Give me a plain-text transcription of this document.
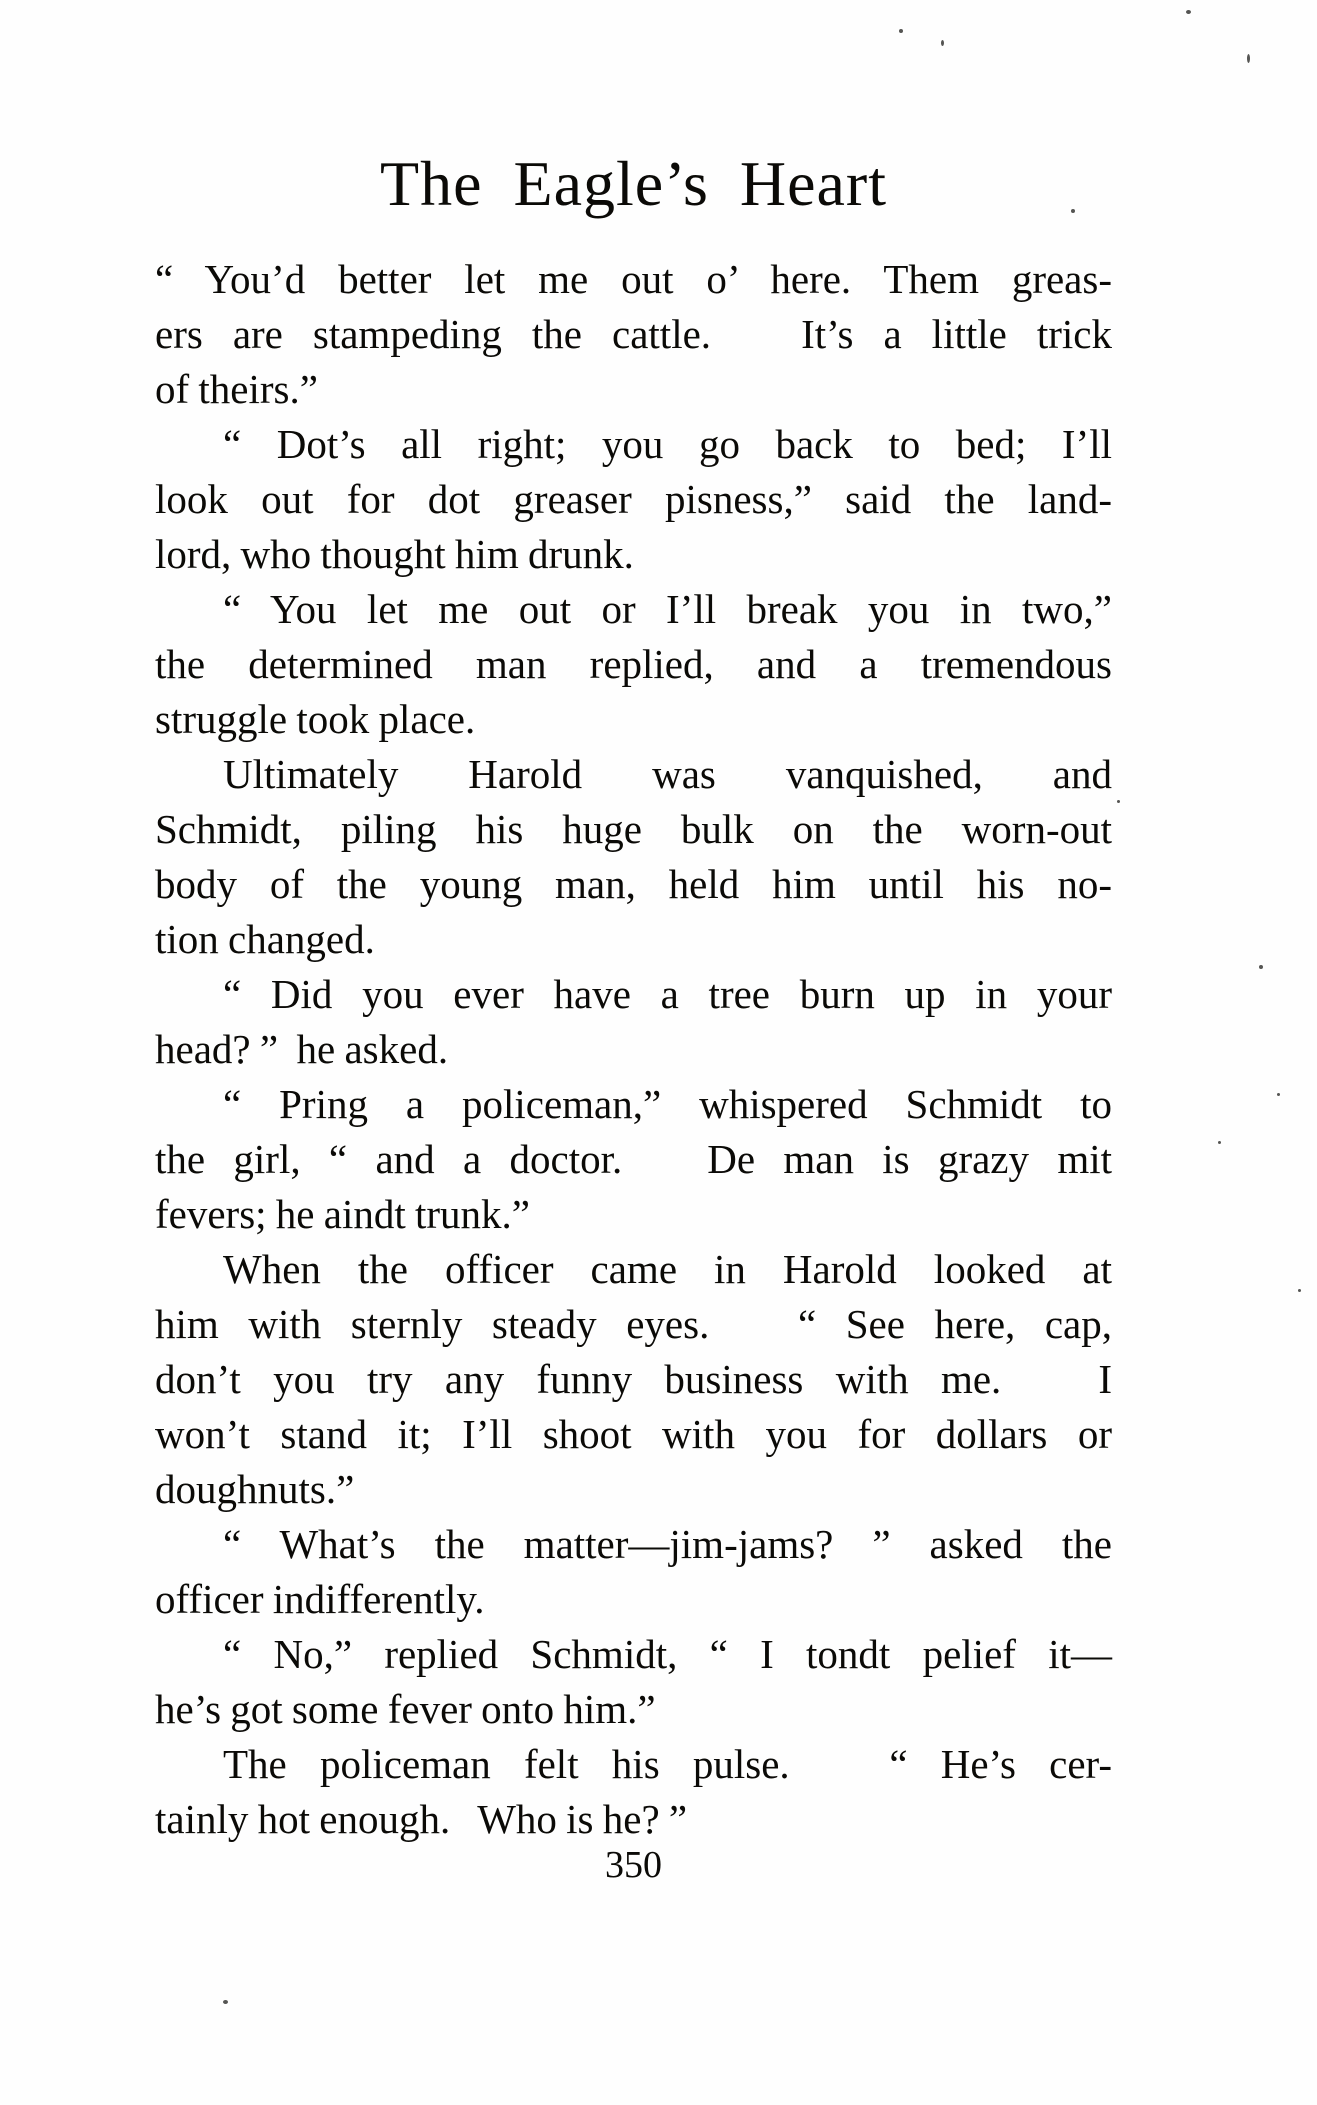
The Eagle’s Heart
“ You’d better let me out o’ here. Them greas-
ers are stampeding the cattle.   It’s a little trick
of theirs.”
“ Dot’s all right; you go back to bed; I’ll
look out for dot greaser pisness,” said the land-
lord, who thought him drunk.
“ You let me out or I’ll break you in two,”
the determined man replied, and a tremendous
struggle took place.
Ultimately Harold was vanquished, and
Schmidt, piling his huge bulk on the worn-out
body of the young man, held him until his no-
tion changed.
“ Did you ever have a tree burn up in your
head? ”  he asked.
“ Pring a policeman,” whispered Schmidt to
the girl, “ and a doctor.   De man is grazy mit
fevers; he aindt trunk.”
When the officer came in Harold looked at
him with sternly steady eyes.   “ See here, cap,
don’t you try any funny business with me.   I
won’t stand it; I’ll shoot with you for dollars or
doughnuts.”
“ What’s the matter—jim-jams? ” asked the
officer indifferently.
“ No,” replied Schmidt, “ I tondt pelief it—
he’s got some fever onto him.”
The policeman felt his pulse.   “ He’s cer-
tainly hot enough.   Who is he? ”
350
